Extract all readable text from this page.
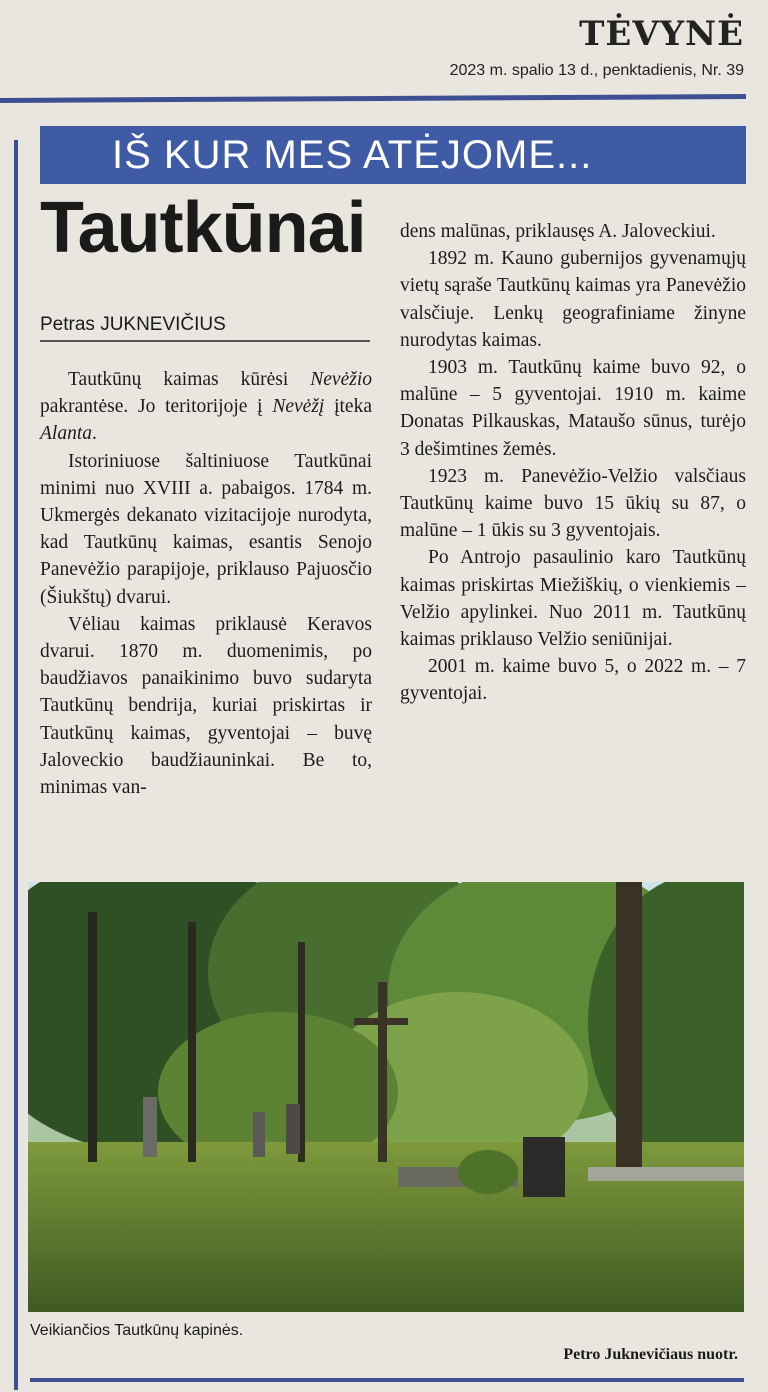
TĖVYNĖ
2023 m. spalio 13 d., penktadienis, Nr. 39
IŠ KUR MES ATĖJOME...
Tautkūnai
Petras JUKNEVIČIUS

Tautkūnų kaimas kūrėsi Nevėžio pakrantėse. Jo teritorijoje į Nevėžį įteka Alanta.

Istoriniuose šaltiniuose Tautkūnai minimi nuo XVIII a. pabaigos. 1784 m. Ukmergės dekanato vizitacijoje nurodyta, kad Tautkūnų kaimas, esantis Senojo Panevėžio parapijoje, priklauso Pajuosčio (Šiukštų) dvarui.

Vėliau kaimas priklausė Keravos dvarui. 1870 m. duomenimis, po baudžiavos panaikinimo buvo sudaryta Tautkūnų bendrija, kuriai priskirtas ir Tautkūnų kaimas, gyventojai – buvę Jaloveckio baudžiauninkai. Be to, minimas van-

dens malūnas, priklausęs A. Jaloveckiui.

1892 m. Kauno gubernijos gyvenamųjų vietų sąraše Tautkūnų kaimas yra Panevėžio valsčiuje. Lenkų geografiniame žinyne nurodytas kaimas.

1903 m. Tautkūnų kaime buvo 92, o malūne – 5 gyventojai. 1910 m. kaime Donatas Pilkauskas, Mataušo sūnus, turėjo 3 dešimtines žemės.

1923 m. Panevėžio-Velžio valsčiaus Tautkūnų kaime buvo 15 ūkių su 87, o malūne – 1 ūkis su 3 gyventojais.

Po Antrojo pasaulinio karo Tautkūnų kaimas priskirtas Miežiškių, o vienkiemis – Velžio apylinkei. Nuo 2011 m. Tautkūnų kaimas priklauso Velžio seniūnijai.

2001 m. kaime buvo 5, o 2022 m. – 7 gyventojai.

Veikiančios Tautkūnų kapinės.
Petro Juknevičiaus nuotr.
